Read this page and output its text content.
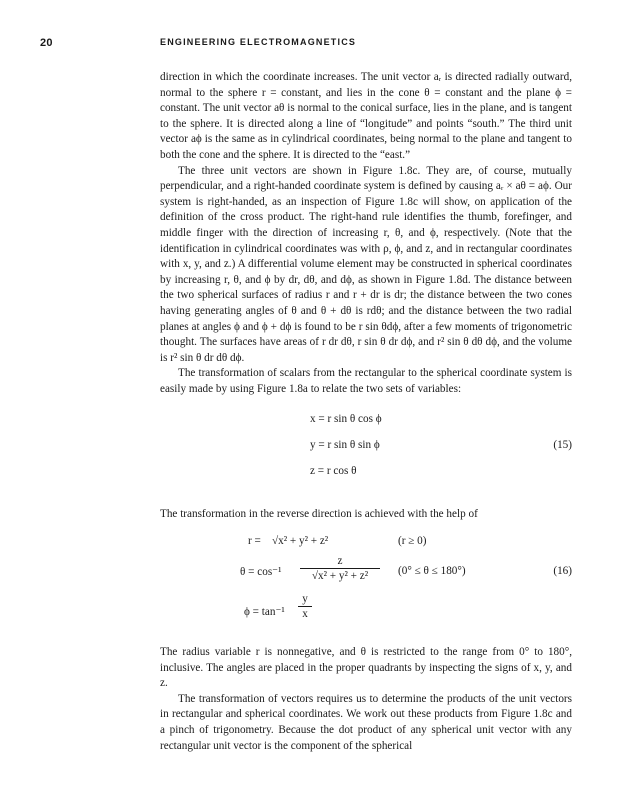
20	ENGINEERING ELECTROMAGNETICS

direction in which the coordinate increases. The unit vector aᵣ is directed radially outward, normal to the sphere r = constant, and lies in the cone θ = constant and the plane ϕ = constant. The unit vector aθ is normal to the conical surface, lies in the plane, and is tangent to the sphere. It is directed along a line of “longitude” and points “south.” The third unit vector aϕ is the same as in cylindrical coordinates, being normal to the plane and tangent to both the cone and the sphere. It is directed to the “east.”

The three unit vectors are shown in Figure 1.8c. They are, of course, mutually perpendicular, and a right-handed coordinate system is defined by causing aᵣ × aθ = aϕ. Our system is right-handed, as an inspection of Figure 1.8c will show, on application of the definition of the cross product. The right-hand rule identifies the thumb, forefinger, and middle finger with the direction of increasing r, θ, and ϕ, respectively. (Note that the identification in cylindrical coordinates was with ρ, ϕ, and z, and in rectangular coordinates with x, y, and z.) A differential volume element may be constructed in spherical coordinates by increasing r, θ, and ϕ by dr, dθ, and dϕ, as shown in Figure 1.8d. The distance between the two spherical surfaces of radius r and r + dr is dr; the distance between the two cones having generating angles of θ and θ + dθ is rdθ; and the distance between the two radial planes at angles ϕ and ϕ + dϕ is found to be r sin θdϕ, after a few moments of trigonometric thought. The surfaces have areas of r dr dθ, r sin θ dr dϕ, and r² sin θ dθ dϕ, and the volume is r² sin θ dr dθ dϕ.

The transformation of scalars from the rectangular to the spherical coordinate system is easily made by using Figure 1.8a to relate the two sets of variables:

x = r sin θ cos ϕ
y = r sin θ sin ϕ
z = r cos θ
(15)

The transformation in the reverse direction is achieved with the help of

r = √x² + y² + z²	(r ≥ 0)
θ = cos⁻¹
z
√x² + y² + z²	(0° ≤ θ ≤ 180°)	(16)
ϕ = tan⁻¹
y
x

The radius variable r is nonnegative, and θ is restricted to the range from 0° to 180°, inclusive. The angles are placed in the proper quadrants by inspecting the signs of x, y, and z.

The transformation of vectors requires us to determine the products of the unit vectors in rectangular and spherical coordinates. We work out these products from Figure 1.8c and a pinch of trigonometry. Because the dot product of any spherical unit vector with any rectangular unit vector is the component of the spherical
